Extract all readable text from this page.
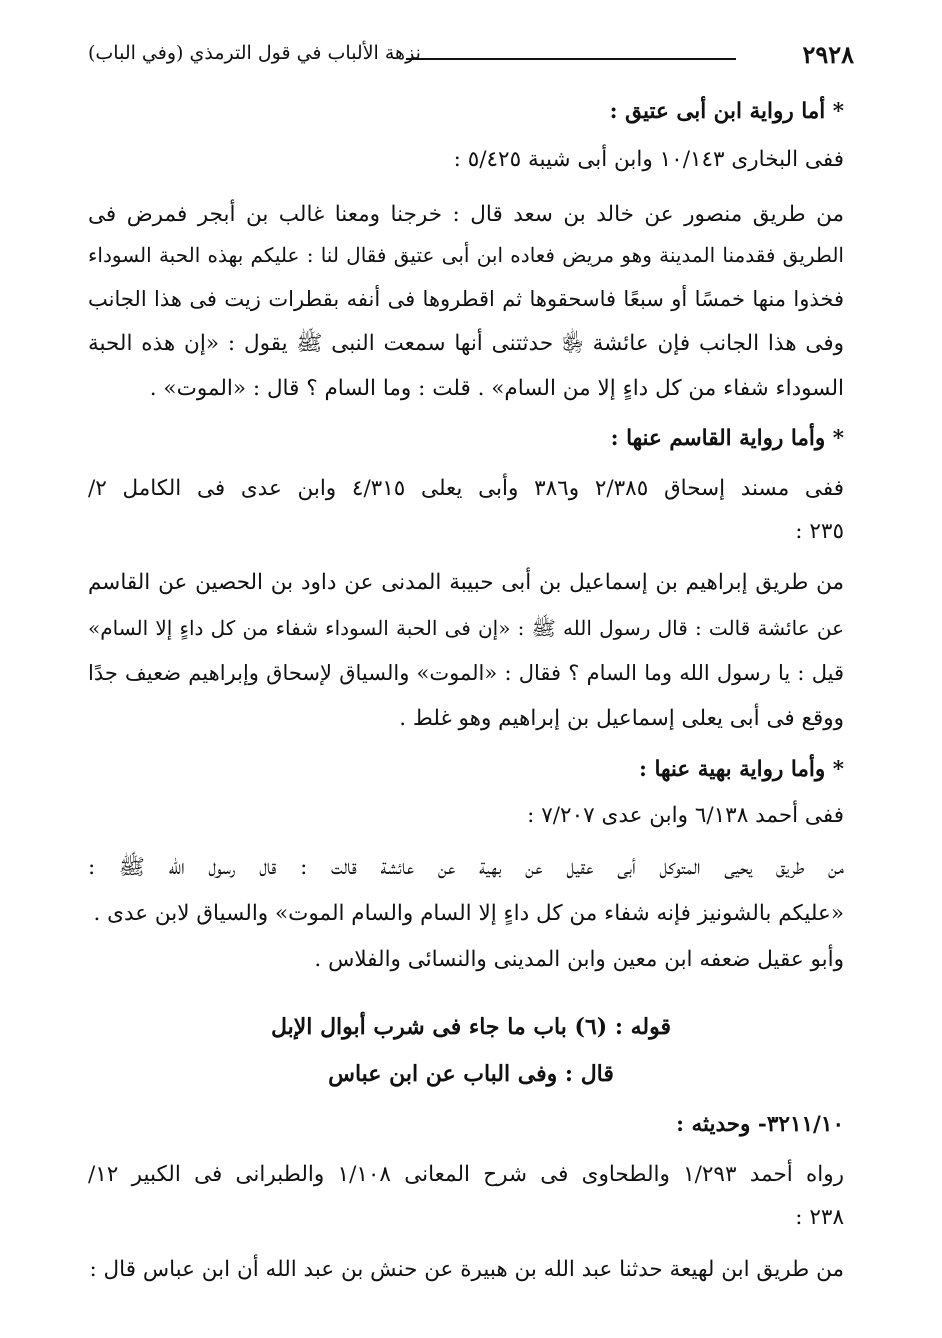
٢٩٢٨
نزهة الألباب في قول الترمذي (وفي الباب)
* أما رواية ابن أبى عتيق :
ففى البخارى ١٠/١٤٣ وابن أبى شيبة ٥/٤٢٥ :
من طريق منصور عن خالد بن سعد قال : خرجنا ومعنا غالب بن أبجر فمرض فى
الطريق فقدمنا المدينة وهو مريض فعاده ابن أبى عتيق فقال لنا : عليكم بهذه الحبة السوداء
فخذوا منها خمسًا أو سبعًا فاسحقوها ثم اقطروها فى أنفه بقطرات زيت فى هذا الجانب
وفى هذا الجانب فإن عائشة ﵂ حدثتنى أنها سمعت النبى ﷺ يقول : «إن هذه الحبة
السوداء شفاء من كل داءٍ إلا من السام» . قلت : وما السام ؟ قال : «الموت» .
* وأما رواية القاسم عنها :
ففى مسند إسحاق ٢/٣٨٥ و٣٨٦ وأبى يعلى ٤/٣١٥ وابن عدى فى الكامل ٢/
٢٣٥ :
من طريق إبراهيم بن إسماعيل بن أبى حبيبة المدنى عن داود بن الحصين عن القاسم
عن عائشة قالت : قال رسول الله ﷺ : «إن فى الحبة السوداء شفاء من كل داءٍ إلا السام»
قيل : يا رسول الله وما السام ؟ فقال : «الموت» والسياق لإسحاق وإبراهيم ضعيف جدًا
ووقع فى أبى يعلى إسماعيل بن إبراهيم وهو غلط .
* وأما رواية بهية عنها :
ففى أحمد ٦/١٣٨ وابن عدى ٧/٢٠٧ :
من طريق يحيى المتوكل أبى عقيل عن بهية عن عائشة قالت : قال رسول الله ﷺ :
«عليكم بالشونيز فإنه شفاء من كل داءٍ إلا السام والسام الموت» والسياق لابن عدى .
وأبو عقيل ضعفه ابن معين وابن المدينى والنسائى والفلاس .
قوله : (٦) باب ما جاء فى شرب أبوال الإبل
قال : وفى الباب عن ابن عباس
٣٢١١/١٠- وحديثه :
رواه أحمد ١/٢٩٣ والطحاوى فى شرح المعانى ١/١٠٨ والطبرانى فى الكبير ١٢/
٢٣٨ :
من طريق ابن لهيعة حدثنا عبد الله بن هبيرة عن حنش بن عبد الله أن ابن عباس قال :
